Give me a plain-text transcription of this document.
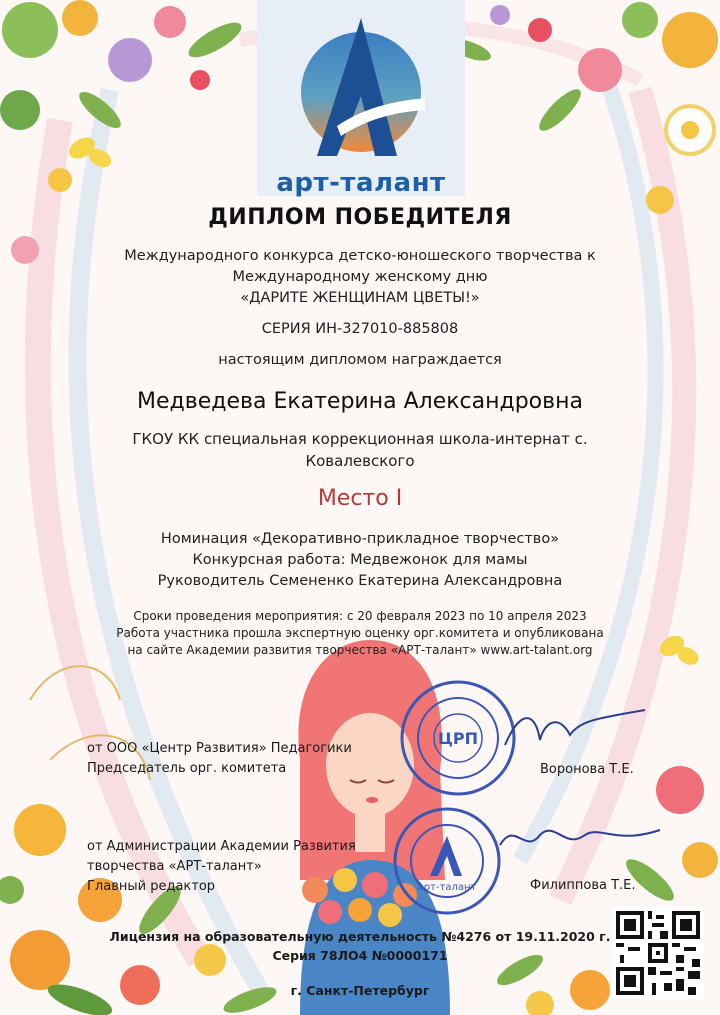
арт-талант
ДИПЛОМ ПОБЕДИТЕЛЯ
Международного конкурса детско-юношеского творчества к
Международному женскому дню
«ДАРИТЕ ЖЕНЩИНАМ ЦВЕТЫ!»
СЕРИЯ ИН-327010-885808
настоящим дипломом награждается
Медведева Екатерина Александровна
ГКОУ КК специальная коррекционная школа-интернат с.
Ковалевского
Место I
Номинация «Декоративно-прикладное творчество»
Конкурсная работа: Медвежонок для мамы
Руководитель Семененко Екатерина Александровна
Сроки проведения мероприятия: с 20 февраля 2023 по 10 апреля 2023
Работа участника прошла экспертную оценку орг.комитета и опубликована
на сайте Академии развития творчества «АРТ-талант» www.art-talant.org
от ООО «Центр Развития» Педагогики
Председатель орг. комитета
ЦРП
Воронова Т.Е.
от Администрации Академии Развития
творчества «АРТ-талант»
Главный редактор	арт-талант	Филиппова Т.Е.
Лицензия на образовательную деятельность №4276 от 19.11.2020 г.
Серия 78ЛО4 №0000171
г. Санкт-Петербург
